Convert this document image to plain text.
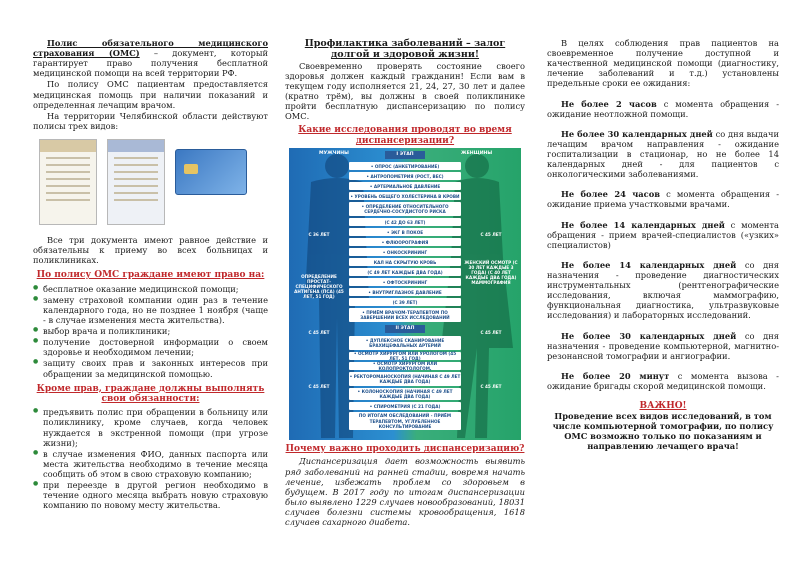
Полис обязательного медицинского страхования (ОМС) – документ, который гарантирует право получения бесплатной медицинской помощи на всей территории РФ.

По полису ОМС пациентам предоставляется медицинская помощь при наличии показаний и определенная лечащим врачом.

На территории Челябинской области действуют полисы трех видов:

Все три документа имеют равное действие и обязательны к приему во всех больницах и поликлиниках.

По полису ОМС граждане имеют право на:
● бесплатное оказание медицинской помощи;
● замену страховой компании один раз в течение календарного года, но не позднее 1 ноября (чаще - в случае изменения места жительства).
● выбор врача и поликлиники;
● получение достоверной информации о своем здоровье и необходимом лечении;
● защиту своих прав и законных интересов при обращении за медицинской помощью.
Кроме прав, граждане должны выполнять свои обязанности:
● предъявить полис при обращении в больницу или поликлинику, кроме случаев, когда человек нуждается в экстренной помощи (при угрозе жизни);
● в случае изменения ФИО, данных паспорта или места жительства необходимо в течение месяца сообщить об этом в свою страховую компанию;
● при переезде в другой регион необходимо в течение одного месяца выбрать новую страховую компанию по новому месту жительства.
Профилактика заболеваний – залог долгой и здоровой жизни!

Своевременно проверять состояние своего здоровья должен каждый гражданин! Если вам в текущем году исполняется 21, 24, 27, 30 лет и далее (кратно трём), вы должны в своей поликлинике пройти бесплатную диспансеризацию по полису ОМС.

Какие исследования проводят во время диспансеризации?
МУЖЧИНЫ	ЖЕНЩИНЫ
I ЭТАП
• ОПРОС (АНКЕТИРОВАНИЕ)
• АНТРОПОМЕТРИЯ (РОСТ, ВЕС)
• АРТЕРИАЛЬНОЕ ДАВЛЕНИЕ
• УРОВЕНЬ ОБЩЕГО ХОЛЕСТЕРИНА В КРОВИ
• ОПРЕДЕЛЕНИЕ ОТНОСИТЕЛЬНОГО СЕРДЕЧНО-СОСУДИСТОГО РИСКА
(С 42 ДО 63 ЛЕТ)
• ЭКГ В ПОКОЕ
• ФЛЮОРОГРАФИЯ
• ОНКОСКРИНИНГ
КАЛ НА СКРЫТУЮ КРОВЬ
(С 49 ЛЕТ КАЖДЫЕ ДВА ГОДА)
• ОФТОСКРИНИНГ
• ВНУТРИГЛАЗНОЕ ДАВЛЕНИЕ
(С 39 ЛЕТ)
• ПРИЁМ ВРАЧОМ-ТЕРАПЕВТОМ ПО ЗАВЕРШЕНИИ ВСЕХ ИССЛЕДОВАНИЙ
II ЭТАП
• ДУПЛЕКСНОЕ СКАНИРОВАНИЕ БРАХИЦЕФАЛЬНЫХ АРТЕРИЙ
• ОСМОТР ХИРУРГОМ ИЛИ УРОЛОГОМ (45 ЛЕТ, 51 ГОД)
• ОСМОТР ХИРУРГОМ ИЛИ КОЛОПРОКТОЛОГОМ,
• РЕКТОРОМАНОСКОПИЯ (НАЧИНАЯ С 49 ЛЕТ КАЖДЫЕ ДВА ГОДА)
• КОЛОНОСКОПИЯ (НАЧИНАЯ С 49 ЛЕТ КАЖДЫЕ ДВА ГОДА)
• СПИРОМЕТРИЯ (С 21 ГОДА)
ПО ИТОГАМ ОБСЛЕДОВАНИЙ - ПРИЁМ ТЕРАПЕВТОМ, УГЛУБЛЕННОЕ КОНСУЛЬТИРОВАНИЕ
С 36 ЛЕТ
ОПРЕДЕЛЕНИЕ ПРОСТАТ-СПЕЦИФИЧЕСКОГО АНТИГЕНА (ПСА) (45 ЛЕТ, 51 ГОД)
С 45 ЛЕТ
С 45 ЛЕТ
С 45 ЛЕТ
ЖЕНСКИЙ ОСМОТР (С 30 ЛЕТ КАЖДЫЕ 3 ГОДА) (С 40 ЛЕТ КАЖДЫЕ ДВА ГОДА) МАММОГРАФИЯ
С 45 ЛЕТ
С 45 ЛЕТ
Почему важно проходить диспансеризацию?

Диспансеризация дает возможность выявить ряд заболеваний на ранней стадии, вовремя начать лечение, избежать проблем со здоровьем в будущем. В 2017 году по итогам диспансеризации было выявлено 1229 случаев новообразований, 18031 случаев болезни системы кровообращения, 1618 случаев сахарного диабета.

В целях соблюдения прав пациентов на своевременное получение доступной и качественной медицинской помощи (диагностику, лечение заболеваний и т.д.) установлены предельные сроки ее ожидания:

Не более 2 часов с момента обращения - ожидание неотложной помощи.

Не более 30 календарных дней со дня выдачи лечащим врачом направления - ожидание госпитализации в стационар, но не более 14 календарных дней - для пациентов с онкологическими заболеваниями.

Не более 24 часов с момента обращения - ожидание приема участковыми врачами.

Не более 14 календарных дней с момента обращения - прием врачей-специалистов («узких» специалистов)

Не более 14 календарных дней со дня назначения - проведение диагностических инструментальных (рентгенографические исследования, включая маммографию, функциональная диагностика, ультразвуковые исследования) и лабораторных исследований.

Не более 30 календарных дней со дня назначения - проведение компьютерной, магнитно-резонансной томографии и ангиографии.

Не более 20 минут с момента вызова - ожидание бригады скорой медицинской помощи.

ВАЖНО!
Проведение всех видов исследований, в том числе компьютерной томографии, по полису ОМС возможно только по показаниям и направлению лечащего врача!
